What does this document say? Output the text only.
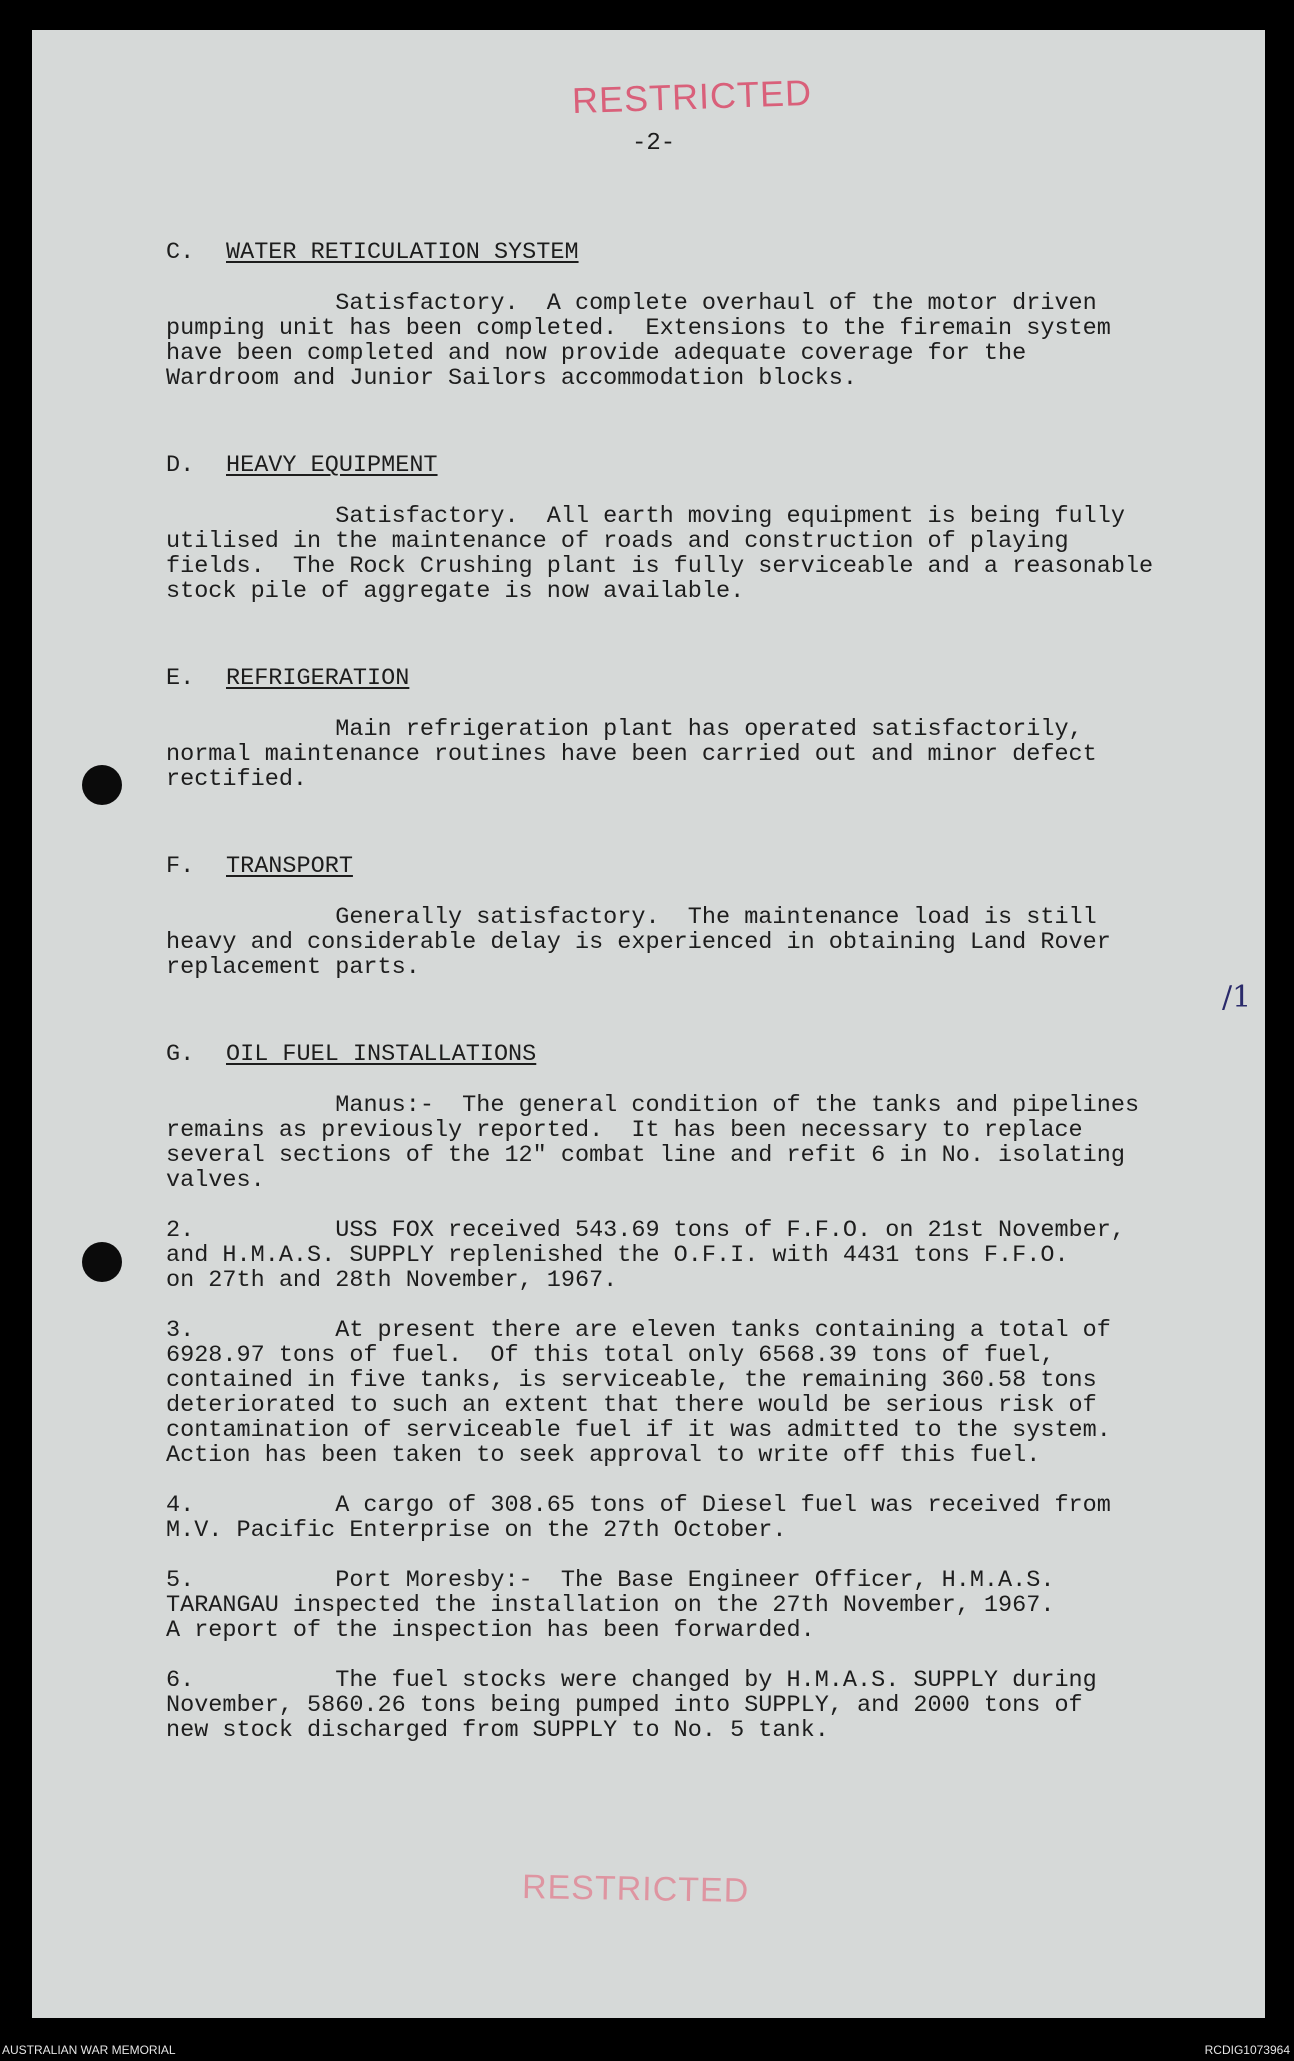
RESTRICTED
-2-
C. WATER RETICULATION SYSTEM

Satisfactory.  A complete overhaul of the motor driven
pumping unit has been completed.  Extensions to the firemain system
have been completed and now provide adequate coverage for the
Wardroom and Junior Sailors accommodation blocks.

D. HEAVY EQUIPMENT

Satisfactory.  All earth moving equipment is being fully
utilised in the maintenance of roads and construction of playing
fields.  The Rock Crushing plant is fully serviceable and a reasonable
stock pile of aggregate is now available.

E. REFRIGERATION

Main refrigeration plant has operated satisfactorily,
normal maintenance routines have been carried out and minor defect
rectified.

F. TRANSPORT

Generally satisfactory.  The maintenance load is still
heavy and considerable delay is experienced in obtaining Land Rover
replacement parts.

G. OIL FUEL INSTALLATIONS

Manus:-  The general condition of the tanks and pipelines
remains as previously reported.  It has been necessary to replace
several sections of the 12" combat line and refit 6 in No. isolating
valves.

2.          USS FOX received 543.69 tons of F.F.O. on 21st November,
and H.M.A.S. SUPPLY replenished the O.F.I. with 4431 tons F.F.O.
on 27th and 28th November, 1967.

3.          At present there are eleven tanks containing a total of
6928.97 tons of fuel.  Of this total only 6568.39 tons of fuel,
contained in five tanks, is serviceable, the remaining 360.58 tons
deteriorated to such an extent that there would be serious risk of
contamination of serviceable fuel if it was admitted to the system.
Action has been taken to seek approval to write off this fuel.

4.          A cargo of 308.65 tons of Diesel fuel was received from
M.V. Pacific Enterprise on the 27th October.

5.          Port Moresby:-  The Base Engineer Officer, H.M.A.S.
TARANGAU inspected the installation on the 27th November, 1967.
A report of the inspection has been forwarded.

6.          The fuel stocks were changed by H.M.A.S. SUPPLY during
November, 5860.26 tons being pumped into SUPPLY, and 2000 tons of
new stock discharged from SUPPLY to No. 5 tank.

/1
RESTRICTED
AUSTRALIAN WAR MEMORIAL	RCDIG1073964
